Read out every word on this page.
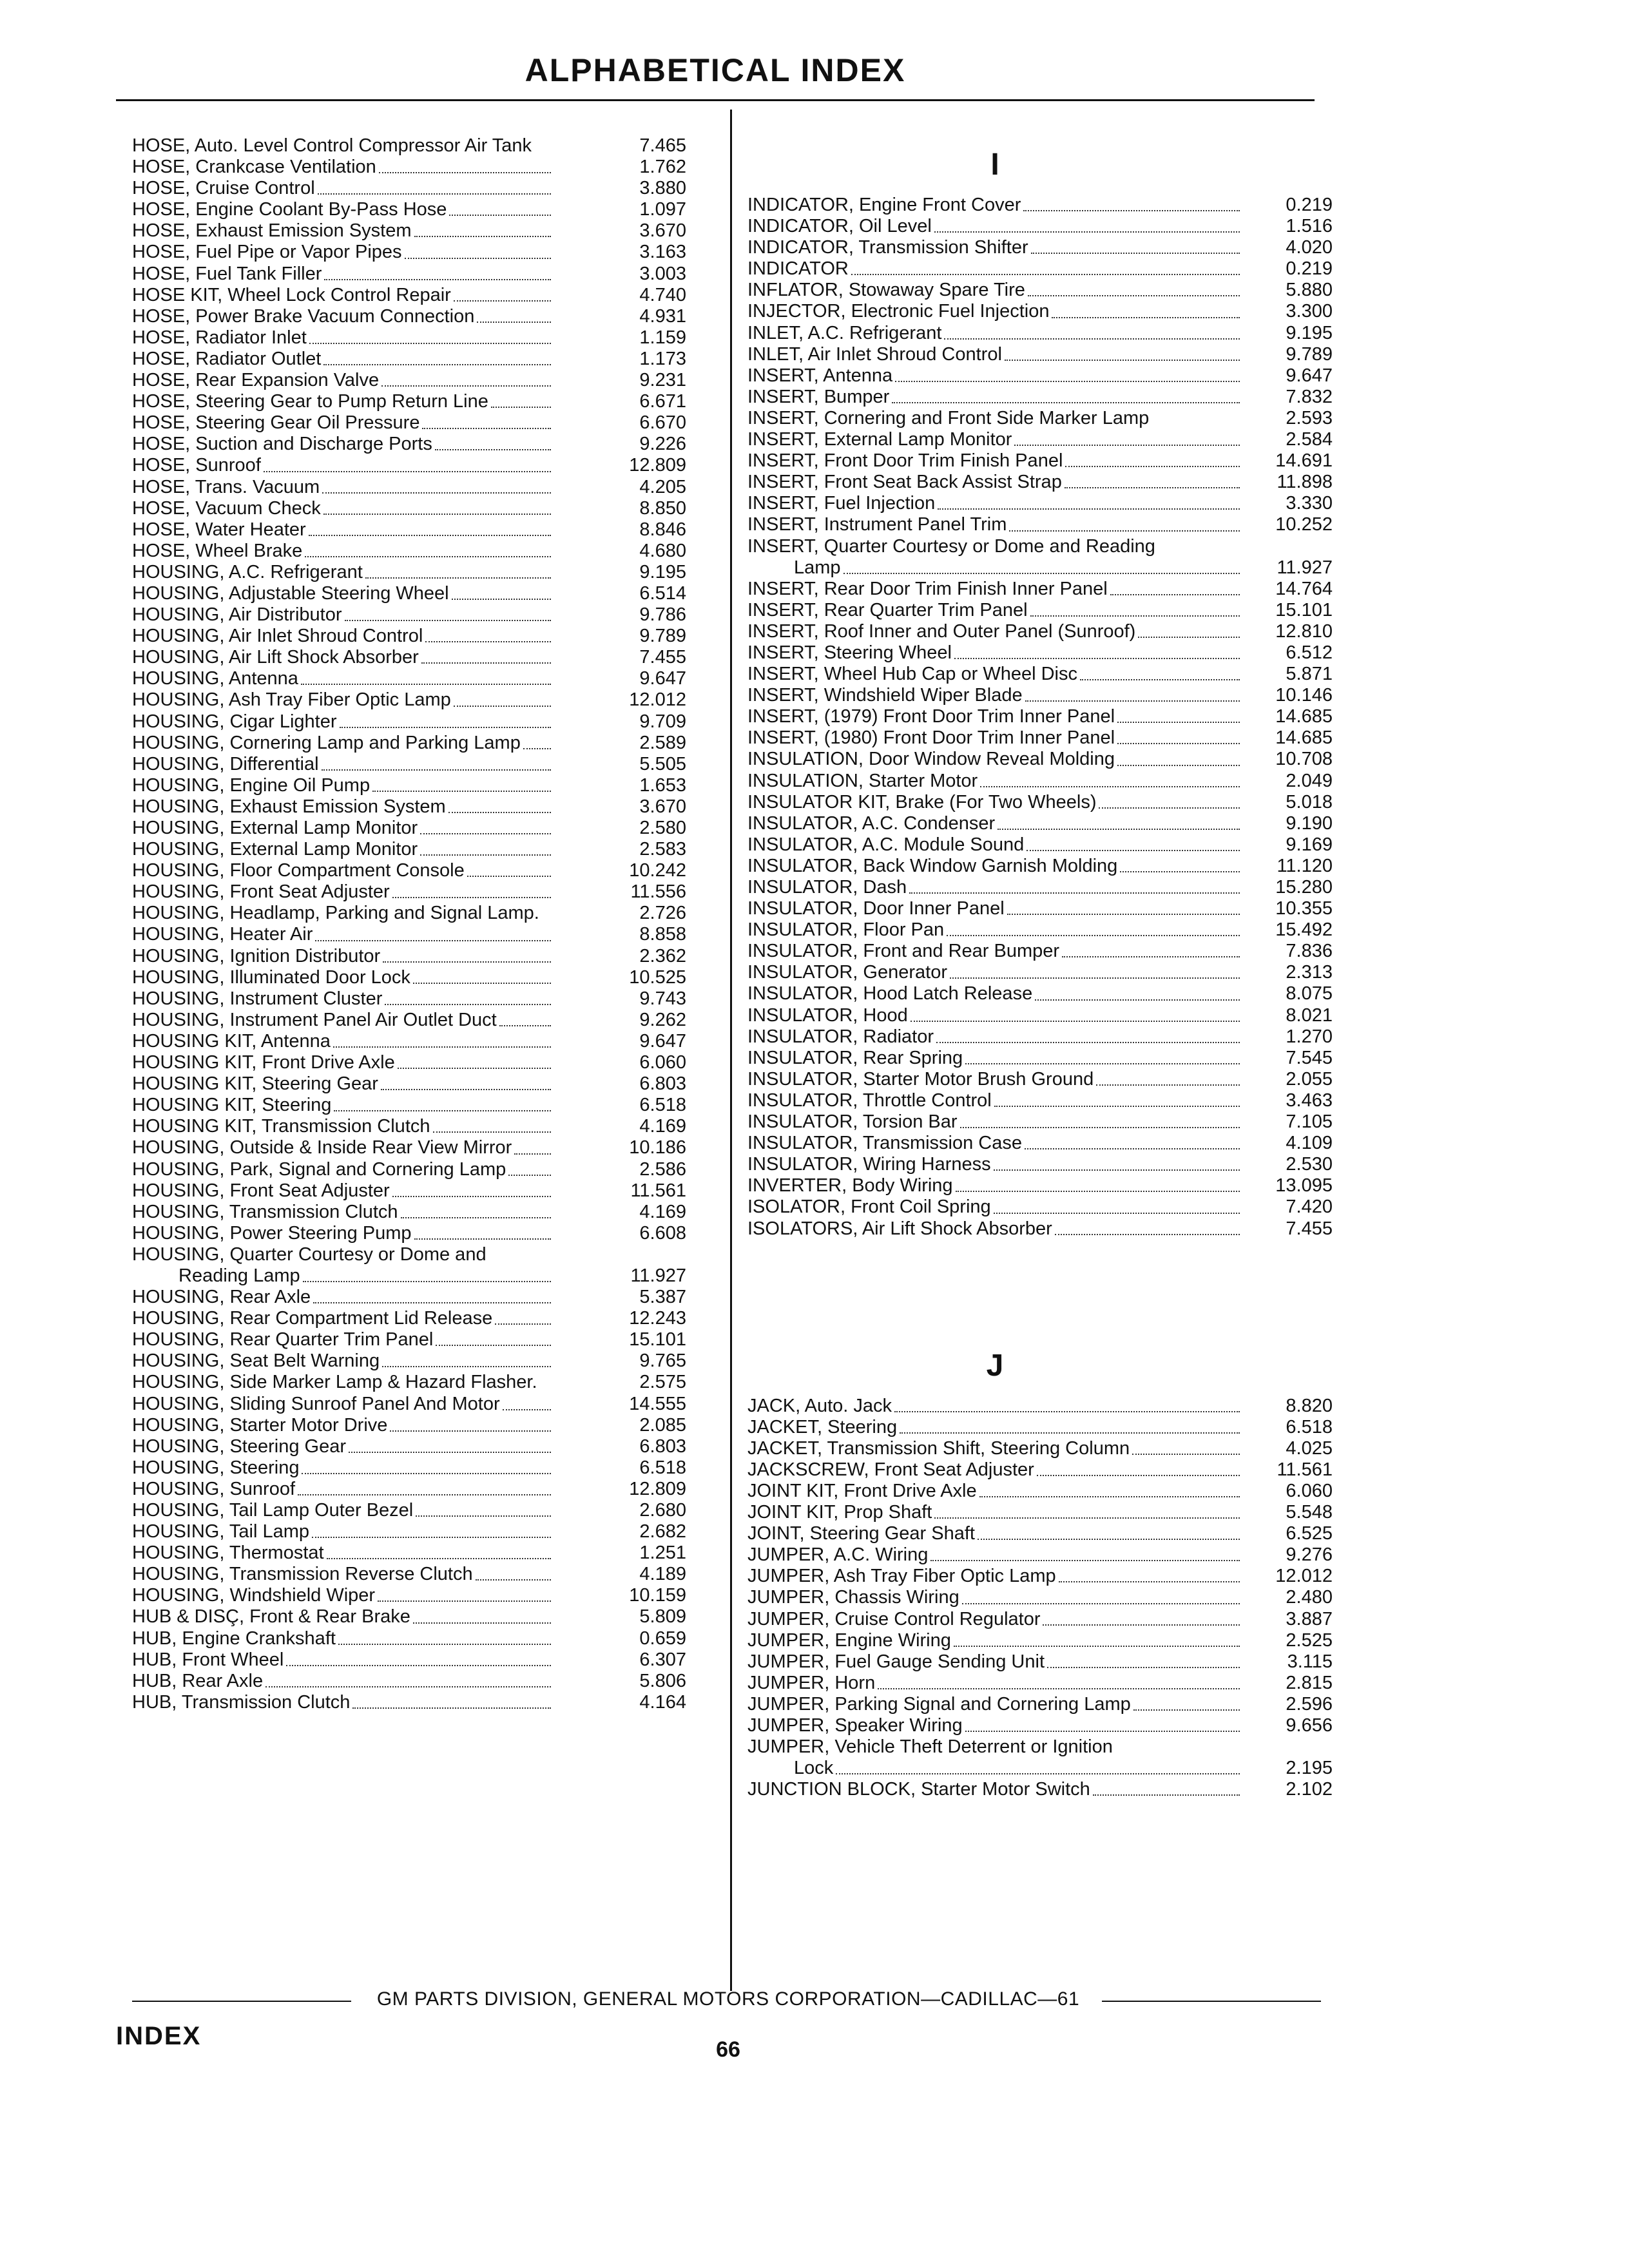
ALPHABETICAL INDEX
HOSE, Auto. Level Control Compressor Air Tank	7.465
HOSE, Crankcase Ventilation	1.762
HOSE, Cruise Control	3.880
HOSE, Engine Coolant By-Pass Hose	1.097
HOSE, Exhaust Emission System	3.670
HOSE, Fuel Pipe or Vapor Pipes	3.163
HOSE, Fuel Tank Filler	3.003
HOSE KIT, Wheel Lock Control Repair	4.740
HOSE, Power Brake Vacuum Connection	4.931
HOSE, Radiator Inlet	1.159
HOSE, Radiator Outlet	1.173
HOSE, Rear Expansion Valve	9.231
HOSE, Steering Gear to Pump Return Line	6.671
HOSE, Steering Gear Oil Pressure	6.670
HOSE, Suction and Discharge Ports	9.226
HOSE, Sunroof	12.809
HOSE, Trans. Vacuum	4.205
HOSE, Vacuum Check	8.850
HOSE, Water Heater	8.846
HOSE, Wheel Brake	4.680
HOUSING, A.C. Refrigerant	9.195
HOUSING, Adjustable Steering Wheel	6.514
HOUSING, Air Distributor	9.786
HOUSING, Air Inlet Shroud Control	9.789
HOUSING, Air Lift Shock Absorber	7.455
HOUSING, Antenna	9.647
HOUSING, Ash Tray Fiber Optic Lamp	12.012
HOUSING, Cigar Lighter	9.709
HOUSING, Cornering Lamp and Parking Lamp	2.589
HOUSING, Differential	5.505
HOUSING, Engine Oil Pump	1.653
HOUSING, Exhaust Emission System	3.670
HOUSING, External Lamp Monitor	2.580
HOUSING, External Lamp Monitor	2.583
HOUSING, Floor Compartment Console	10.242
HOUSING, Front Seat Adjuster	11.556
HOUSING, Headlamp, Parking and Signal Lamp.	2.726
HOUSING, Heater Air	8.858
HOUSING, Ignition Distributor	2.362
HOUSING, Illuminated Door Lock	10.525
HOUSING, Instrument Cluster	9.743
HOUSING, Instrument Panel Air Outlet Duct	9.262
HOUSING KIT, Antenna	9.647
HOUSING KIT, Front Drive Axle	6.060
HOUSING KIT, Steering Gear	6.803
HOUSING KIT, Steering	6.518
HOUSING KIT, Transmission Clutch	4.169
HOUSING, Outside & Inside Rear View Mirror	10.186
HOUSING, Park, Signal and Cornering Lamp	2.586
HOUSING, Front Seat Adjuster	11.561
HOUSING, Transmission Clutch	4.169
HOUSING, Power Steering Pump	6.608
HOUSING, Quarter Courtesy or Dome and
Reading Lamp	11.927
HOUSING, Rear Axle	5.387
HOUSING, Rear Compartment Lid Release	12.243
HOUSING, Rear Quarter Trim Panel	15.101
HOUSING, Seat Belt Warning	9.765
HOUSING, Side Marker Lamp & Hazard Flasher.	2.575
HOUSING, Sliding Sunroof Panel And Motor	14.555
HOUSING, Starter Motor Drive	2.085
HOUSING, Steering Gear	6.803
HOUSING, Steering	6.518
HOUSING, Sunroof	12.809
HOUSING, Tail Lamp Outer Bezel	2.680
HOUSING, Tail Lamp	2.682
HOUSING, Thermostat	1.251
HOUSING, Transmission Reverse Clutch	4.189
HOUSING, Windshield Wiper	10.159
HUB & DISÇ, Front & Rear Brake	5.809
HUB, Engine Crankshaft	0.659
HUB, Front Wheel	6.307
HUB, Rear Axle	5.806
HUB, Transmission Clutch	4.164
I
INDICATOR, Engine Front Cover	0.219
INDICATOR, Oil Level	1.516
INDICATOR, Transmission Shifter	4.020
INDICATOR	0.219
INFLATOR, Stowaway Spare Tire	5.880
INJECTOR, Electronic Fuel Injection	3.300
INLET, A.C. Refrigerant	9.195
INLET, Air Inlet Shroud Control	9.789
INSERT, Antenna	9.647
INSERT, Bumper	7.832
INSERT, Cornering and Front Side Marker Lamp	2.593
INSERT, External Lamp Monitor	2.584
INSERT, Front Door Trim Finish Panel	14.691
INSERT, Front Seat Back Assist Strap	11.898
INSERT, Fuel Injection	3.330
INSERT, Instrument Panel Trim	10.252
INSERT, Quarter Courtesy or Dome and Reading
Lamp	11.927
INSERT, Rear Door Trim Finish Inner Panel	14.764
INSERT, Rear Quarter Trim Panel	15.101
INSERT, Roof Inner and Outer Panel (Sunroof)	12.810
INSERT, Steering Wheel	6.512
INSERT, Wheel Hub Cap or Wheel Disc	5.871
INSERT, Windshield Wiper Blade	10.146
INSERT, (1979) Front Door Trim Inner Panel	14.685
INSERT, (1980) Front Door Trim Inner Panel	14.685
INSULATION, Door Window Reveal Molding	10.708
INSULATION, Starter Motor	2.049
INSULATOR KIT, Brake (For Two Wheels)	5.018
INSULATOR, A.C. Condenser	9.190
INSULATOR, A.C. Module Sound	9.169
INSULATOR, Back Window Garnish Molding	11.120
INSULATOR, Dash	15.280
INSULATOR, Door Inner Panel	10.355
INSULATOR, Floor Pan	15.492
INSULATOR, Front and Rear Bumper	7.836
INSULATOR, Generator	2.313
INSULATOR, Hood Latch Release	8.075
INSULATOR, Hood	8.021
INSULATOR, Radiator	1.270
INSULATOR, Rear Spring	7.545
INSULATOR, Starter Motor Brush Ground	2.055
INSULATOR, Throttle Control	3.463
INSULATOR, Torsion Bar	7.105
INSULATOR, Transmission Case	4.109
INSULATOR, Wiring Harness	2.530
INVERTER, Body Wiring	13.095
ISOLATOR, Front Coil Spring	7.420
ISOLATORS, Air Lift Shock Absorber	7.455
J
JACK, Auto. Jack	8.820
JACKET, Steering	6.518
JACKET, Transmission Shift, Steering Column	4.025
JACKSCREW, Front Seat Adjuster	11.561
JOINT KIT, Front Drive Axle	6.060
JOINT KIT, Prop Shaft	5.548
JOINT, Steering Gear Shaft	6.525
JUMPER, A.C. Wiring	9.276
JUMPER, Ash Tray Fiber Optic Lamp	12.012
JUMPER, Chassis Wiring	2.480
JUMPER, Cruise Control Regulator	3.887
JUMPER, Engine Wiring	2.525
JUMPER, Fuel Gauge Sending Unit	3.115
JUMPER, Horn	2.815
JUMPER, Parking Signal and Cornering Lamp	2.596
JUMPER, Speaker Wiring	9.656
JUMPER, Vehicle Theft Deterrent or Ignition
Lock	2.195
JUNCTION BLOCK, Starter Motor Switch	2.102
GM PARTS DIVISION, GENERAL MOTORS CORPORATION—CADILLAC—61
INDEX	66
